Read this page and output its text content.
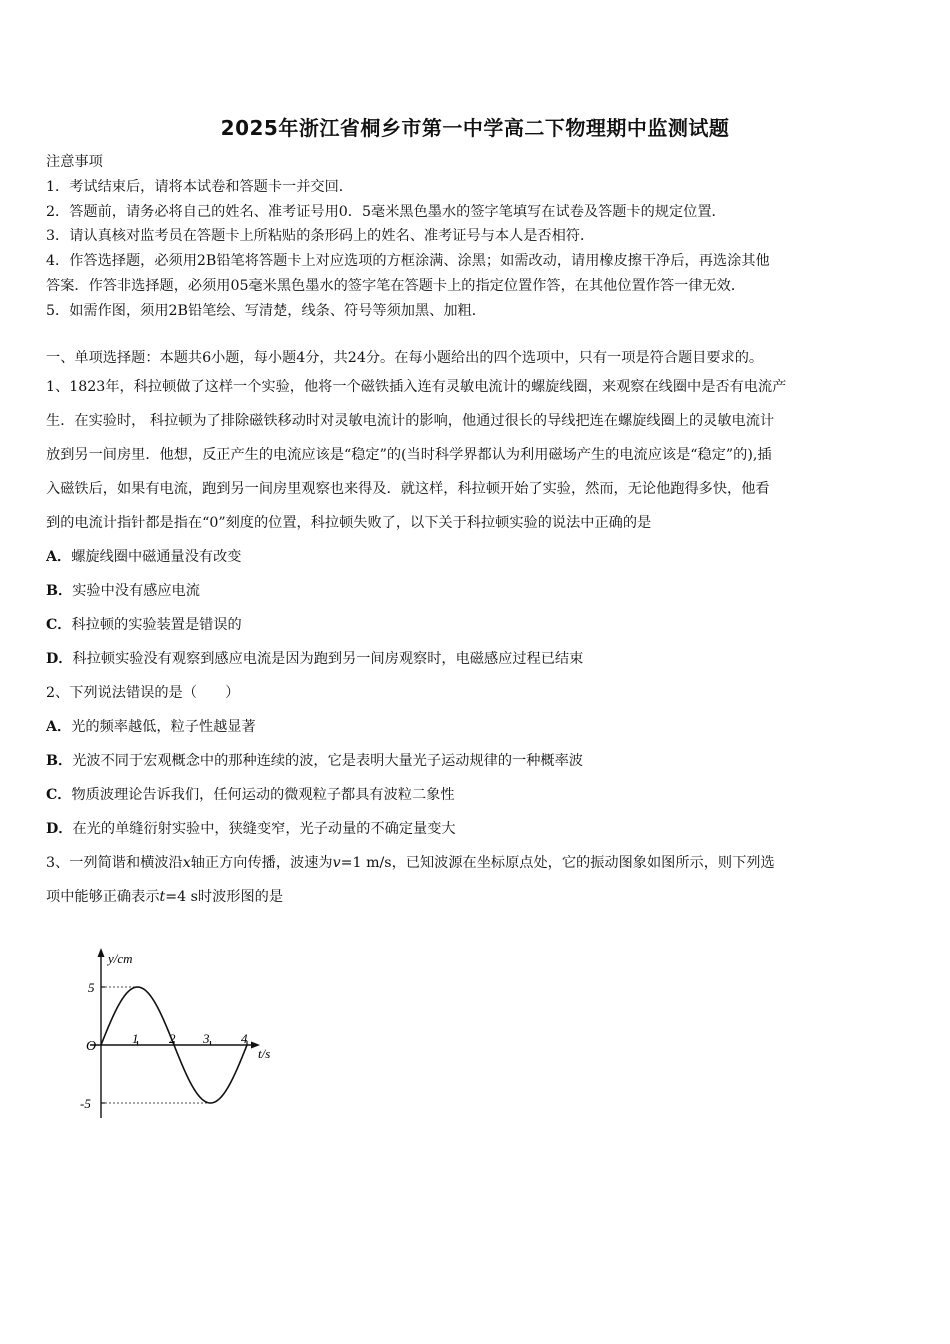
2025年浙江省桐乡市第一中学高二下物理期中监测试题
注意事项
1．考试结束后，请将本试卷和答题卡一并交回．
2．答题前，请务必将自己的姓名、准考证号用0．5毫米黑色墨水的签字笔填写在试卷及答题卡的规定位置．
3．请认真核对监考员在答题卡上所粘贴的条形码上的姓名、准考证号与本人是否相符．
4．作答选择题，必须用2B铅笔将答题卡上对应选项的方框涂满、涂黑；如需改动，请用橡皮擦干净后，再选涂其他
答案．作答非选择题，必须用05毫米黑色墨水的签字笔在答题卡上的指定位置作答，在其他位置作答一律无效．
5．如需作图，须用2B铅笔绘、写清楚，线条、符号等须加黑、加粗．
一、单项选择题：本题共6小题，每小题4分，共24分。在每小题给出的四个选项中，只有一项是符合题目要求的。
1、1823年，科拉顿做了这样一个实验，他将一个磁铁插入连有灵敏电流计的螺旋线圈，来观察在线圈中是否有电流产
生．在实验时， 科拉顿为了排除磁铁移动时对灵敏电流计的影响，他通过很长的导线把连在螺旋线圈上的灵敏电流计
放到另一间房里．他想，反正产生的电流应该是“稳定”的(当时科学界都认为利用磁场产生的电流应该是“稳定”的),插
入磁铁后，如果有电流，跑到另一间房里观察也来得及．就这样，科拉顿开始了实验，然而，无论他跑得多快，他看
到的电流计指针都是指在“0”刻度的位置，科拉顿失败了，以下关于科拉顿实验的说法中正确的是
A．螺旋线圈中磁通量没有改变
B．实验中没有感应电流
C．科拉顿的实验装置是错误的
D．科拉顿实验没有观察到感应电流是因为跑到另一间房观察时，电磁感应过程已结束
2、下列说法错误的是（　　）
A．光的频率越低，粒子性越显著
B．光波不同于宏观概念中的那种连续的波，它是表明大量光子运动规律的一种概率波
C．物质波理论告诉我们，任何运动的微观粒子都具有波粒二象性
D．在光的单缝衍射实验中，狭缝变窄，光子动量的不确定量变大
3、一列简谐和横波沿x轴正方向传播，波速为v=1 m/s，已知波源在坐标原点处，它的振动图象如图所示，则下列选
项中能够正确表示t=4 s时波形图的是
y/cm
t/s
O
5
-5
1 2 3 4
